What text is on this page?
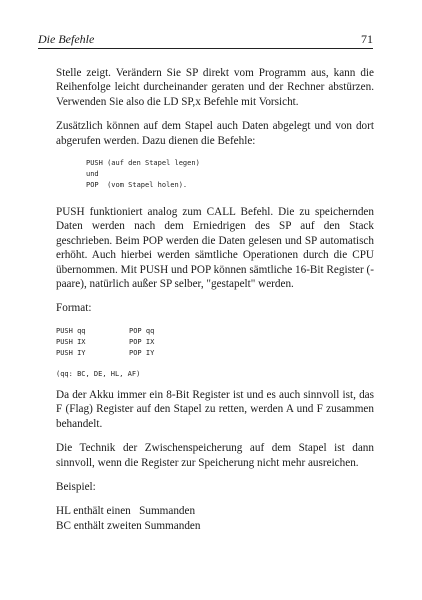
Die Befehle	71

Stelle zeigt. Verändern Sie SP direkt vom Programm aus, kann die Reihenfolge leicht durcheinander geraten und der Rechner abstürzen. Verwenden Sie also die LD SP,x Befehle mit Vorsicht.

Zusätzlich können auf dem Stapel auch Daten abgelegt und von dort abgerufen werden. Dazu dienen die Befehle:

PUSH (auf den Stapel legen)
und
POP  (vom Stapel holen).

PUSH funktioniert analog zum CALL Befehl. Die zu speichernden Daten werden nach dem Erniedrigen des SP auf den Stack geschrieben. Beim POP werden die Daten gelesen und SP automatisch erhöht. Auch hierbei werden sämtliche Operationen durch die CPU übernommen. Mit PUSH und POP können sämtliche 16-Bit Register (-paare), natürlich außer SP selber, "gestapelt" werden.

Format:

PUSH qq	POP qq
PUSH IX	POP IX
PUSH IY	POP IY
(qq: BC, DE, HL, AF)

Da der Akku immer ein 8-Bit Register ist und es auch sinnvoll ist, das F (Flag) Register auf den Stapel zu retten, werden A und F zusammen behandelt.

Die Technik der Zwischenspeicherung auf dem Stapel ist dann sinnvoll, wenn die Register zur Speicherung nicht mehr ausreichen.

Beispiel:

HL enthält einen   Summanden
BC enthält zweiten Summanden
